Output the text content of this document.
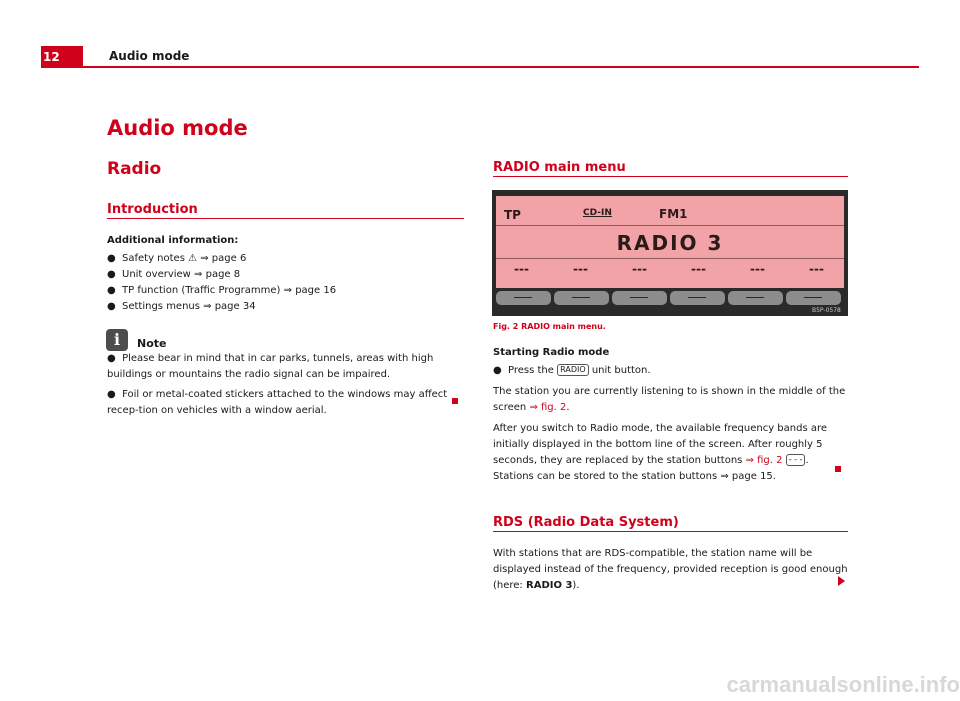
12	Audio mode
Audio mode
Radio
Introduction
Additional information:
● Safety notes ⚠ ⇒ page 6
● Unit overview ⇒ page 8
● TP function (Traffic Programme) ⇒ page 16
● Settings menus ⇒ page 34
i	Note
●  Please bear in mind that in car parks, tunnels, areas with high buildings or mountains the radio signal can be impaired.
●  Foil or metal-coated stickers attached to the windows may affect recep-tion on vehicles with a window aerial.
RADIO main menu
TP	CD-IN	FM1
RADIO 3
---	---	---	---	---	---
B5P-0578
Fig. 2 RADIO main menu.
Starting Radio mode
● Press the RADIO unit button.
The station you are currently listening to is shown in the middle of the screen ⇒ fig. 2.
After you switch to Radio mode, the available frequency bands are initially displayed in the bottom line of the screen. After roughly 5 seconds, they are replaced by the station buttons ⇒ fig. 2 - - - . Stations can be stored to the station buttons ⇒ page 15.
RDS (Radio Data System)
With stations that are RDS-compatible, the station name will be displayed instead of the frequency, provided reception is good enough (here: RADIO 3).
carmanualsonline.info
